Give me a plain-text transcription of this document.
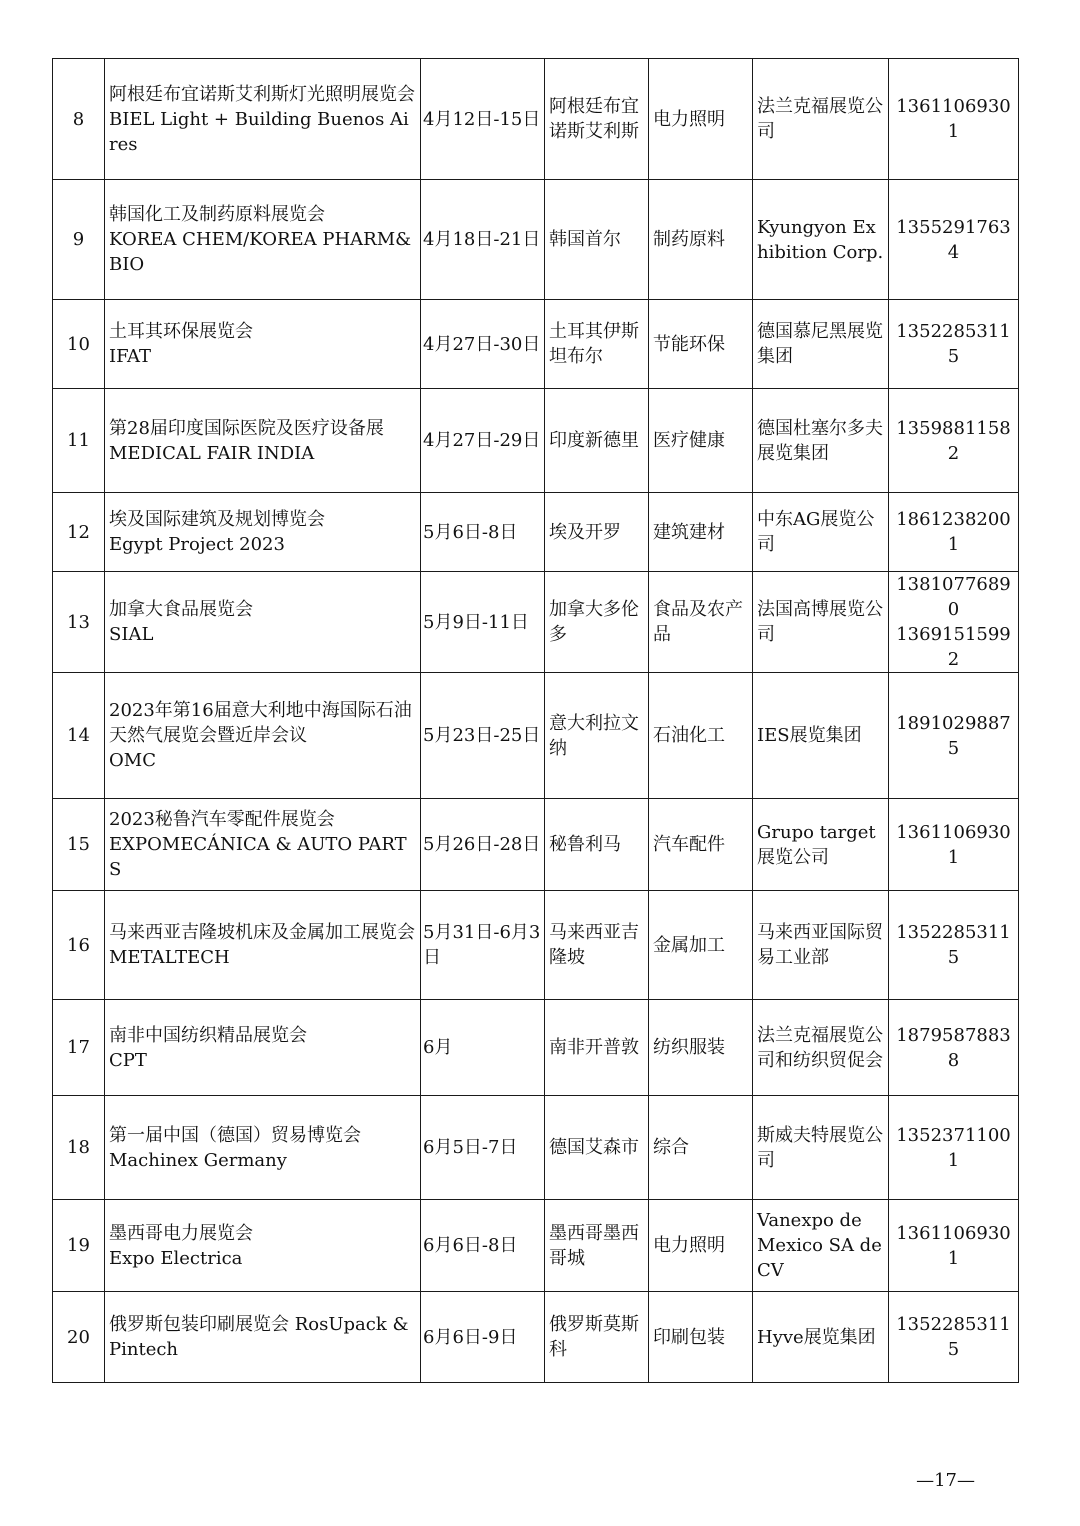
8	阿根廷布宜诺斯艾利斯灯光照明展览会
BIEL Light + Building Buenos Aires	4月12日-15日	阿根廷布宜诺斯艾利斯	电力照明	法兰克福展览公司	13611069301

9	韩国化工及制药原料展览会
KOREA CHEM/KOREA PHARM&BIO	4月18日-21日	韩国首尔	制药原料	Kyungyon Exhibition Corp.	13552917634

10	土耳其环保展览会
IFAT	4月27日-30日	土耳其伊斯坦布尔	节能环保	德国慕尼黑展览集团	13522853115

11	第28届印度国际医院及医疗设备展
MEDICAL FAIR INDIA	4月27日-29日	印度新德里	医疗健康	德国杜塞尔多夫展览集团	13598811582

12	埃及国际建筑及规划博览会
Egypt Project 2023	5月6日-8日	埃及开罗	建筑建材	中东AG展览公司	18612382001

13	加拿大食品展览会
SIAL	5月9日-11日	加拿大多伦多	食品及农产品	法国高博展览公司	13810776890
13691515992

14	2023年第16届意大利地中海国际石油天然气展览会暨近岸会议
OMC	5月23日-25日	意大利拉文纳	石油化工	IES展览集团	18910298875

15	2023秘鲁汽车零配件展览会
EXPOMECÁNICA & AUTO PARTS	5月26日-28日	秘鲁利马	汽车配件	Grupo target 展览公司	13611069301

16	马来西亚吉隆坡机床及金属加工展览会
METALTECH	5月31日-6月3日	马来西亚吉隆坡	金属加工	马来西亚国际贸易工业部	13522853115

17	南非中国纺织精品展览会
CPT	6月	南非开普敦	纺织服装	法兰克福展览公司和纺织贸促会	18795878838

18	第一届中国（德国）贸易博览会
Machinex Germany	6月5日-7日	德国艾森市	综合	斯威夫特展览公司	13523711001

19	墨西哥电力展览会
Expo Electrica	6月6日-8日	墨西哥墨西哥城	电力照明	Vanexpo de Mexico SA de CV	13611069301

20	俄罗斯包装印刷展览会 RosUpack & Pintech	6月6日-9日	俄罗斯莫斯科	印刷包装	Hyve展览集团	13522853115
—17—
